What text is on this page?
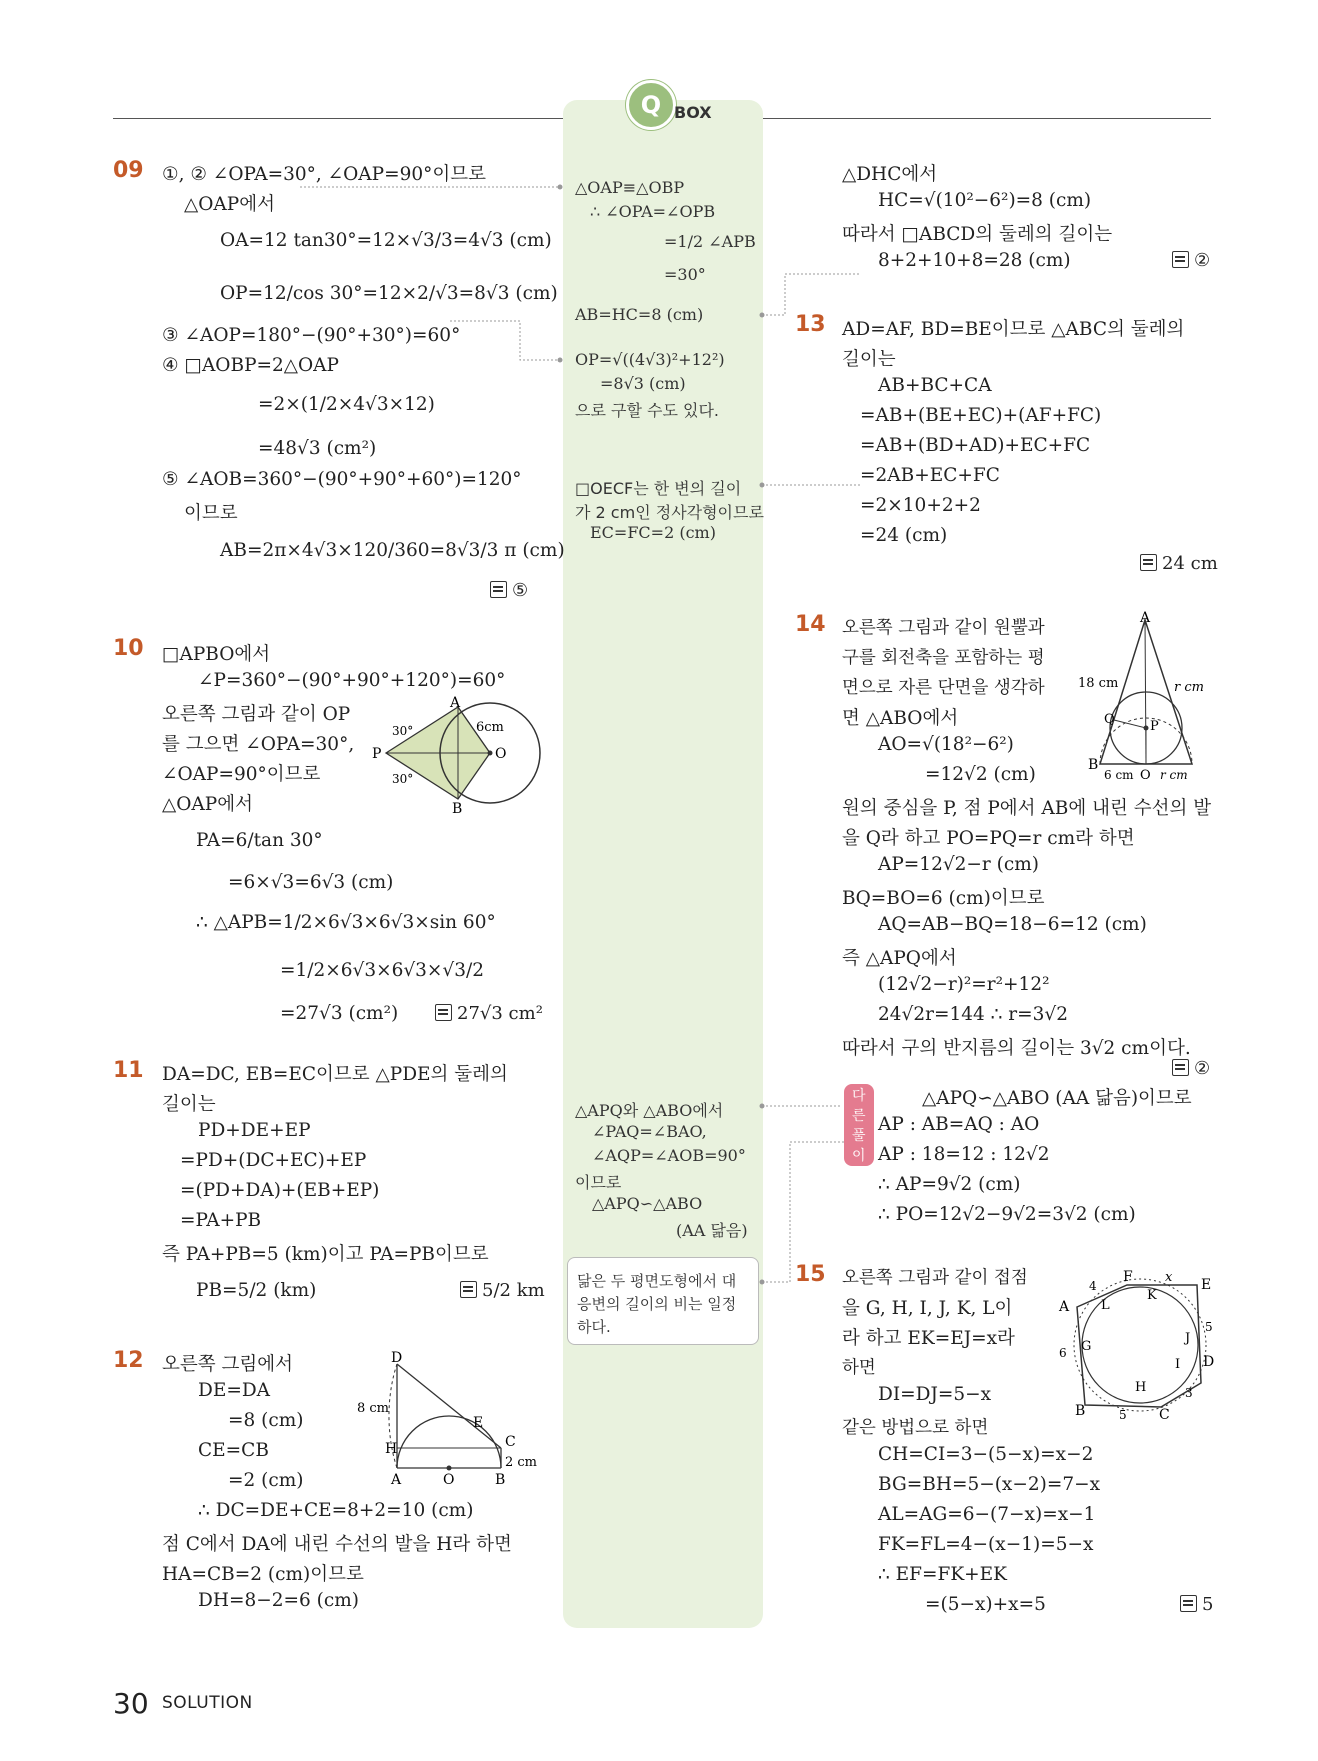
Q BOX
09 ①, ② ∠OPA=30°, ∠OAP=90°이므로
△OAP에서
OA=12 tan30°=12×√3/3=4√3 (cm)
OP=12/cos 30°=12×2/√3=8√3 (cm)
③ ∠AOP=180°−(90°+30°)=60°
④ □AOBP=2△OAP
=2×(1/2×4√3×12)
=48√3 (cm²)
⑤ ∠AOB=360°−(90°+90°+60°)=120°
이므로
AB=2π×4√3×120/360=8√3/3 π (cm)
⑤
10 □APBO에서
∠P=360°−(90°+90°+120°)=60°
오른쪽 그림과 같이 OP
를 그으면 ∠OPA=30°,
∠OAP=90°이므로
△OAP에서
PA=6/tan 30°
=6×√3=6√3 (cm)
∴ △APB=1/2×6√3×6√3×sin 60°
=1/2×6√3×6√3×√3/2
=27√3 (cm²)	27√3 cm²
A
P	O
B
6cm
30°
30°
11 DA=DC, EB=EC이므로 △PDE의 둘레의
길이는
PD+DE+EP
=PD+(DC+EC)+EP
=(PD+DA)+(EB+EP)
=PA+PB
즉 PA+PB=5 (km)이고 PA=PB이므로
PB=5/2 (km)	5/2 km
12 오른쪽 그림에서
DE=DA
=8 (cm)
CE=CB
=2 (cm)
∴ DC=DE+CE=8+2=10 (cm)
점 C에서 DA에 내린 수선의 발을 H라 하면
HA=CB=2 (cm)이므로
DH=8−2=6 (cm)
D
8 cm
E
C
H
2 cm
A	O	B
△OAP≡△OBP
∴ ∠OPA=∠OPB
=1/2 ∠APB
=30°
AB=HC=8 (cm)
OP=√((4√3)²+12²)
=8√3 (cm)
으로 구할 수도 있다.
□OECF는 한 변의 길이
가 2 cm인 정사각형이므로
EC=FC=2 (cm)
△APQ와 △ABO에서
∠PAQ=∠BAO,
∠AQP=∠AOB=90°
이므로
△APQ∽△ABO
(AA 닮음)
닮은 두 평면도형에서 대
응변의 길이의 비는 일정
하다.
△DHC에서
HC=√(10²−6²)=8 (cm)
따라서 □ABCD의 둘레의 길이는
8+2+10+8=28 (cm)	②
13 AD=AF, BD=BE이므로 △ABC의 둘레의
길이는
AB+BC+CA
=AB+(BE+EC)+(AF+FC)
=AB+(BD+AD)+EC+FC
=2AB+EC+FC
=2×10+2+2
=24 (cm)
24 cm
14 오른쪽 그림과 같이 원뿔과
구를 회전축을 포함하는 평
면으로 자른 단면을 생각하
면 △ABO에서
AO=√(18²−6²)
=12√2 (cm)
원의 중심을 P, 점 P에서 AB에 내린 수선의 발
을 Q라 하고 PO=PQ=r cm라 하면
AP=12√2−r (cm)
BQ=BO=6 (cm)이므로
AQ=AB−BQ=18−6=12 (cm)
즉 △APQ에서
(12√2−r)²=r²+12²
24√2r=144 ∴ r=3√2
따라서 구의 반지름의 길이는 3√2 cm이다.
②
다른 풀이
△APQ∽△ABO (AA 닮음)이므로
AP : AB=AQ : AO
AP : 18=12 : 12√2
∴ AP=9√2 (cm)
∴ PO=12√2−9√2=3√2 (cm)
A
18 cm	r cm
Q	P
B
6 cm O r cm
15 오른쪽 그림과 같이 접점
을 G, H, I, J, K, L이
라 하고 EK=EJ=x라
하면
DI=DJ=5−x
같은 방법으로 하면
CH=CI=3−(5−x)=x−2
BG=BH=5−(x−2)=7−x
AL=AG=6−(7−x)=x−1
FK=FL=4−(x−1)=5−x
∴ EF=FK+EK
=(5−x)+x=5	5
F x E
4
K
A L
5
J
6 G
D
I
H
B	5 C
3
30 SOLUTION
